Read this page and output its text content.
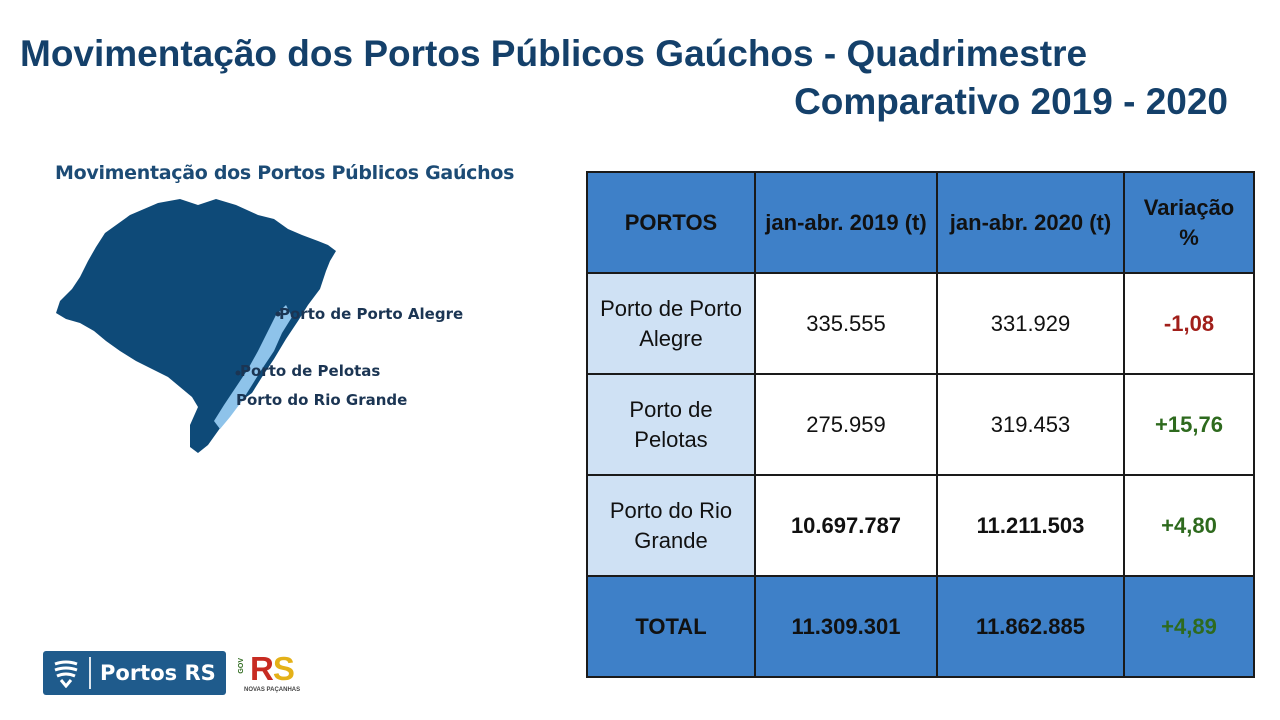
Movimentação dos Portos Públicos Gaúchos - Quadrimestre
Comparativo 2019 - 2020
Movimentação dos Portos Públicos Gaúchos
Porto de Porto Alegre
Porto de Pelotas
Porto do Rio Grande
PORTOS	jan-abr. 2019 (t)	jan-abr. 2020 (t)	Variação %
Porto de Porto Alegre	335.555	331.929	-1,08
Porto de Pelotas	275.959	319.453	+15,76
Porto do Rio Grande	10.697.787	11.211.503	+4,80
TOTAL	11.309.301	11.862.885	+4,89
Portos RS	GOV RS
NOVAS PAÇANHAS
